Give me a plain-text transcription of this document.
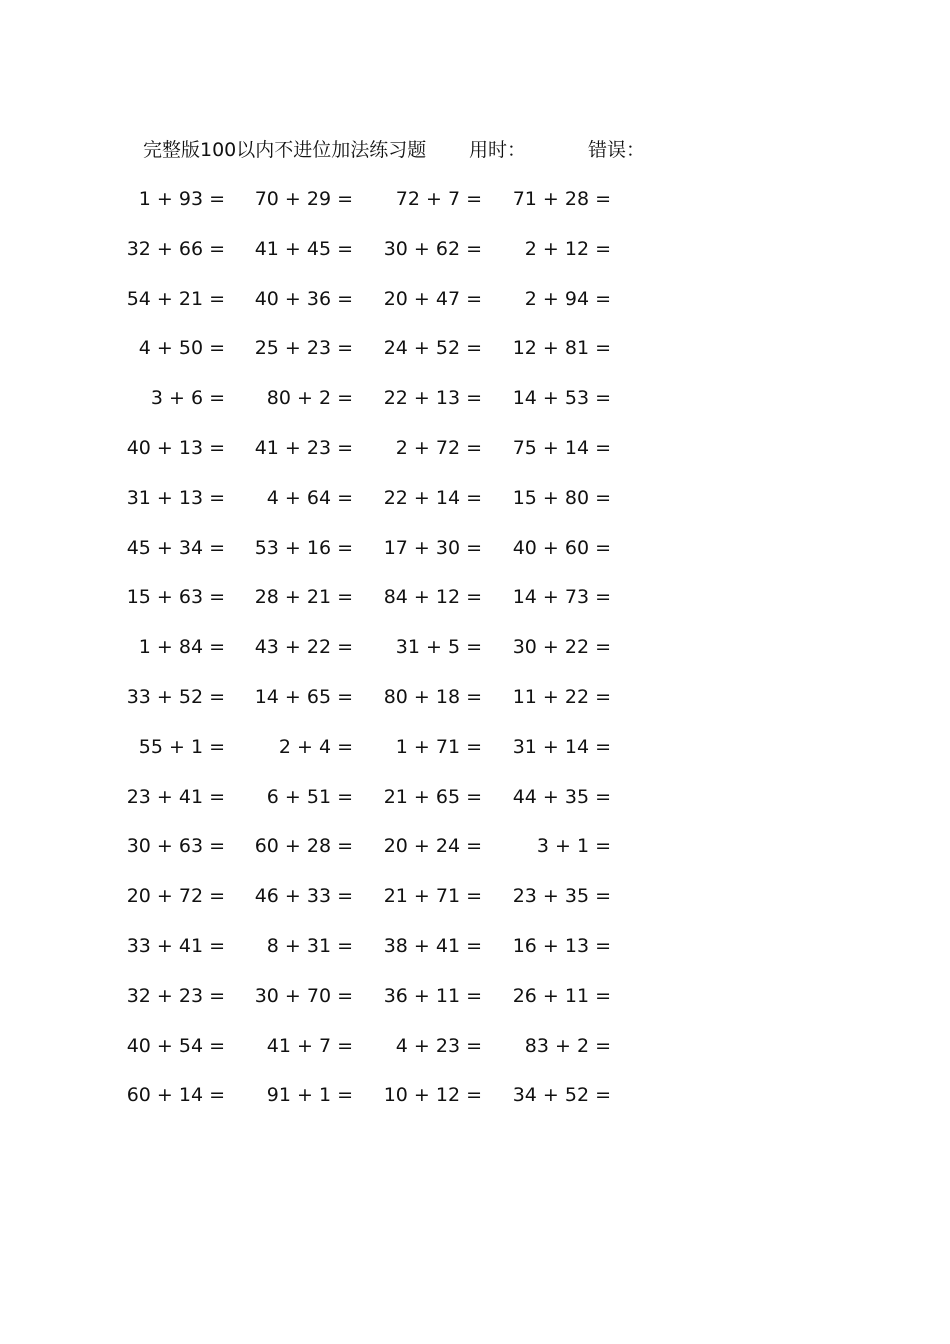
完整版100以内不进位加法练习题 用时：	错误：
1 + 93 = 70 + 29 = 72 + 7 = 71 + 28 =
32 + 66 = 41 + 45 = 30 + 62 = 2 + 12 =
54 + 21 = 40 + 36 = 20 + 47 = 2 + 94 =
4 + 50 = 25 + 23 = 24 + 52 = 12 + 81 =
3 + 6 = 80 + 2 = 22 + 13 = 14 + 53 =
40 + 13 = 41 + 23 = 2 + 72 = 75 + 14 =
31 + 13 = 4 + 64 = 22 + 14 = 15 + 80 =
45 + 34 = 53 + 16 = 17 + 30 = 40 + 60 =
15 + 63 = 28 + 21 = 84 + 12 = 14 + 73 =
1 + 84 = 43 + 22 = 31 + 5 = 30 + 22 =
33 + 52 = 14 + 65 = 80 + 18 = 11 + 22 =
55 + 1 =	2 + 4 = 1 + 71 = 31 + 14 =
23 + 41 = 6 + 51 = 21 + 65 = 44 + 35 =
30 + 63 = 60 + 28 = 20 + 24 =	3 + 1 =
20 + 72 = 46 + 33 = 21 + 71 = 23 + 35 =
33 + 41 = 8 + 31 = 38 + 41 = 16 + 13 =
32 + 23 = 30 + 70 = 36 + 11 = 26 + 11 =
40 + 54 = 41 + 7 = 4 + 23 = 83 + 2 =
60 + 14 = 91 + 1 = 10 + 12 = 34 + 52 =
